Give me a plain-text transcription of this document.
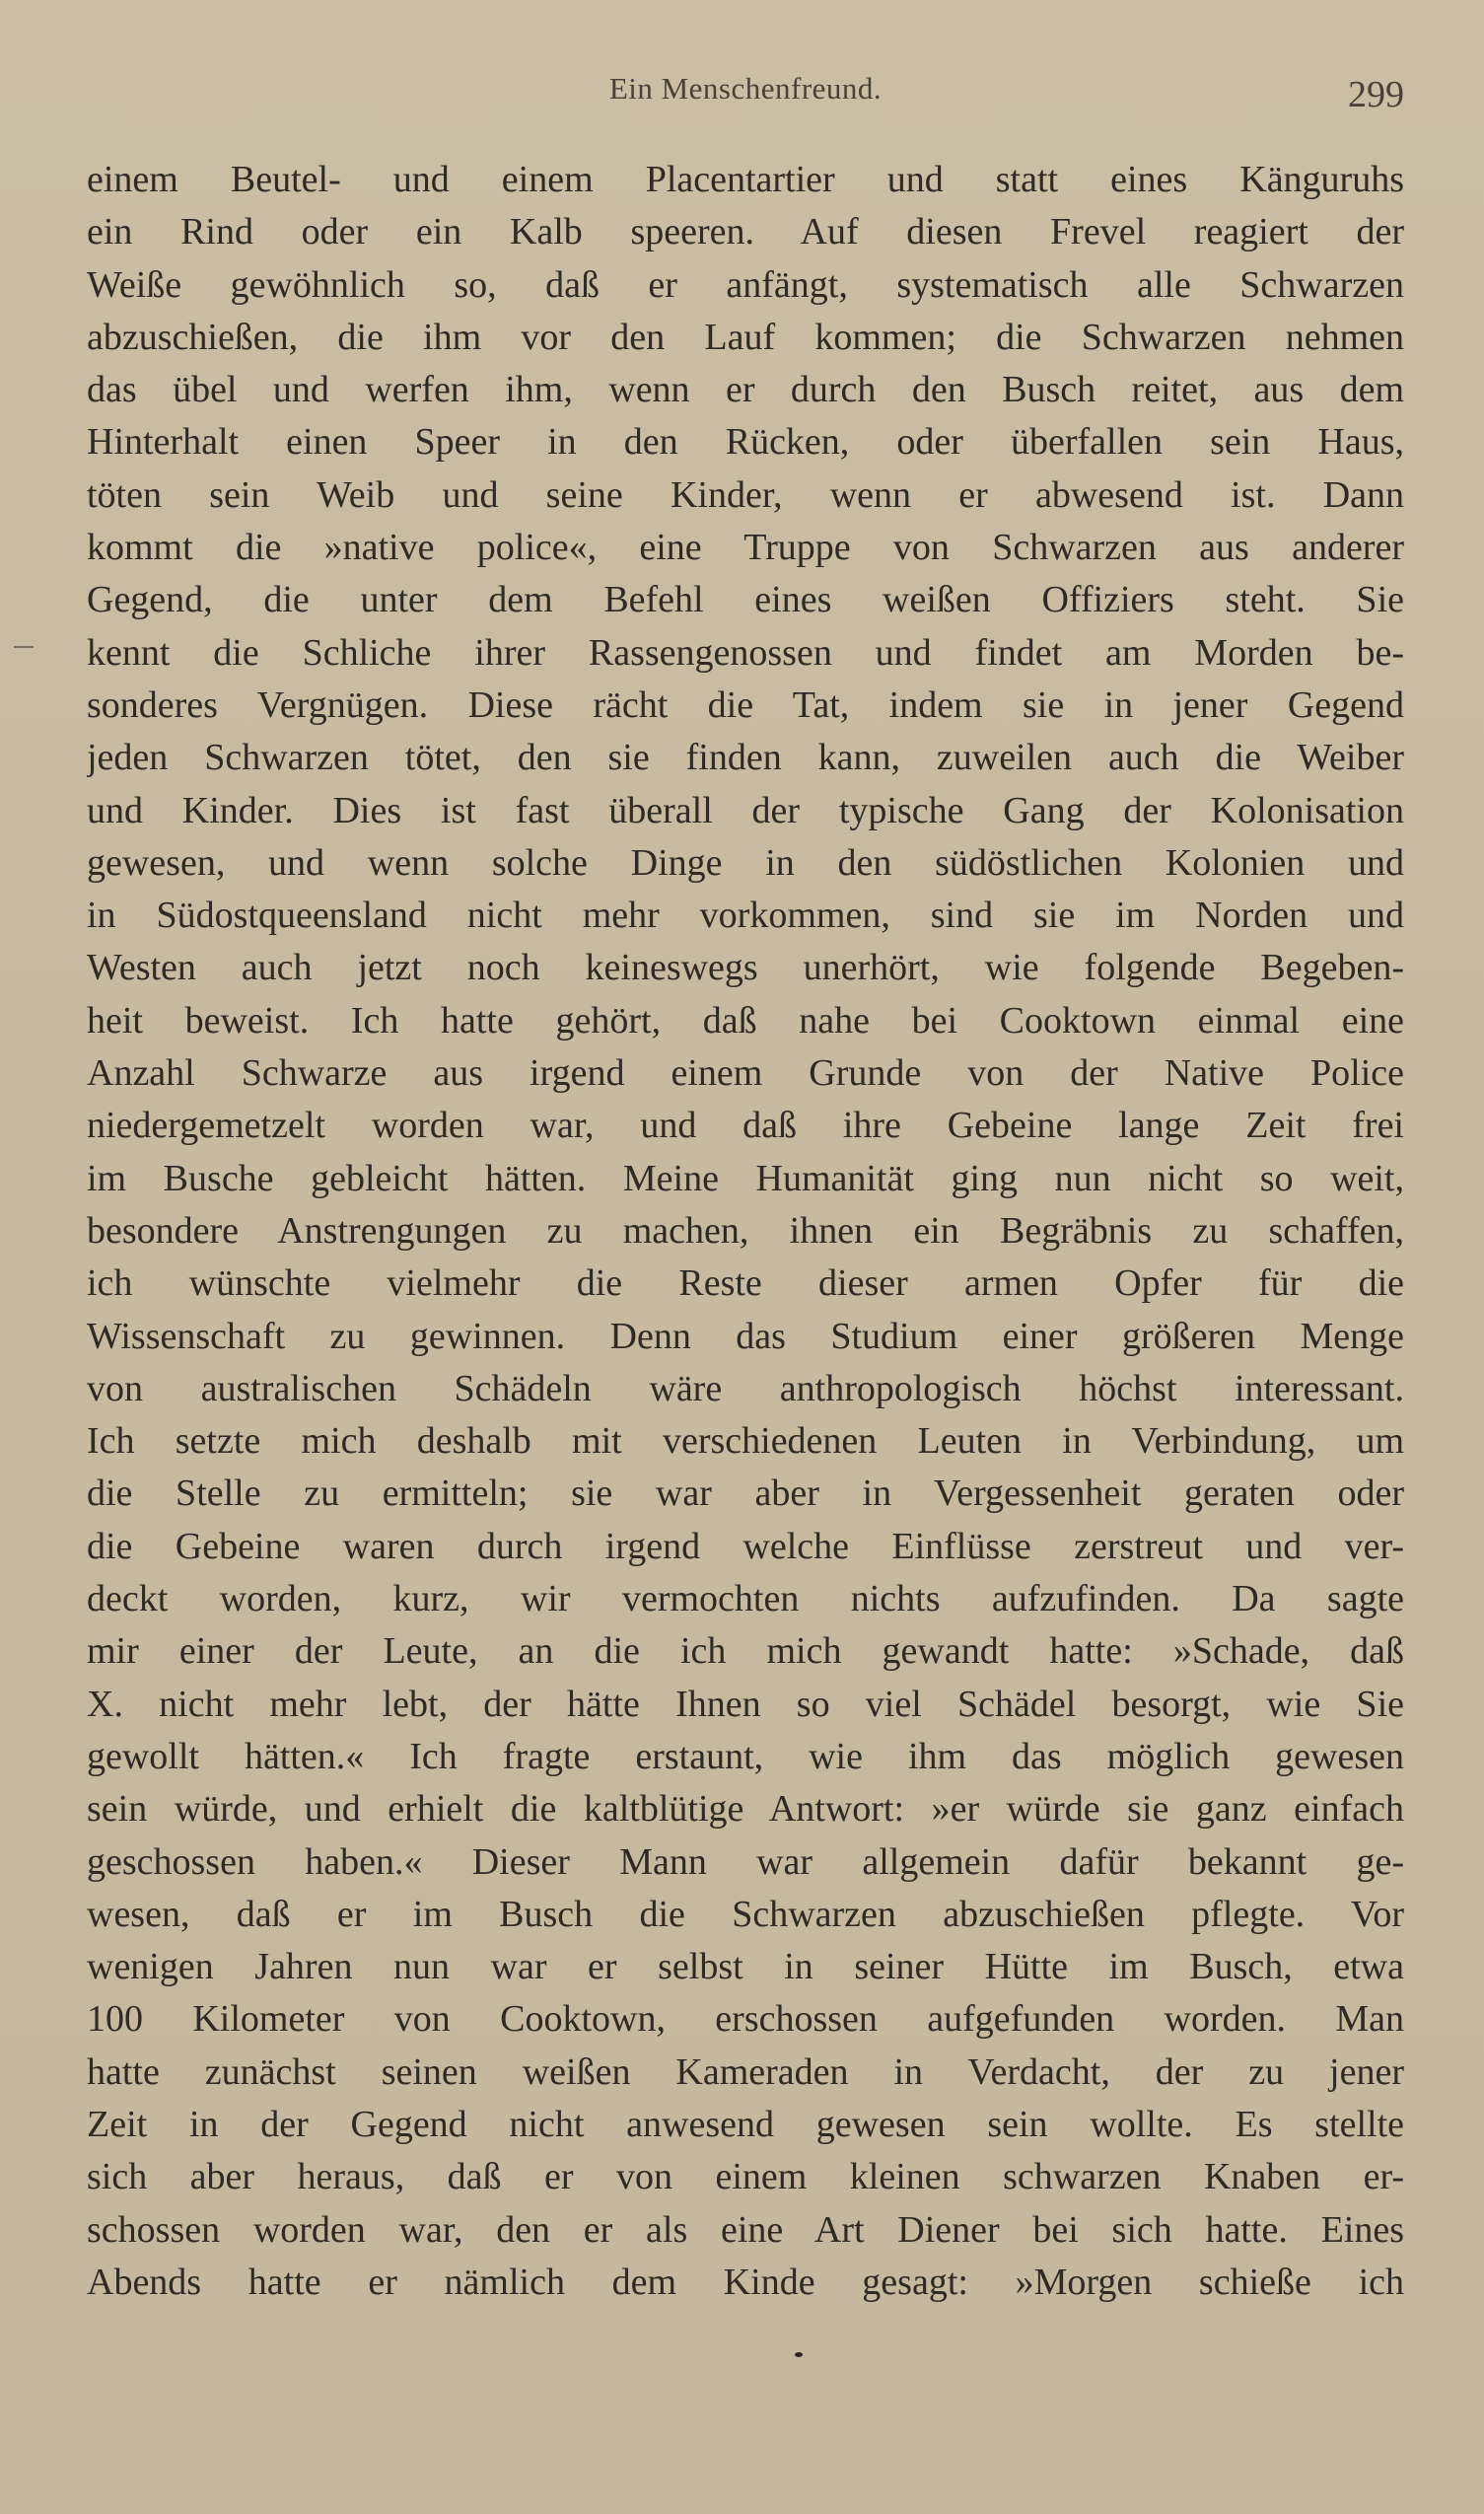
Ein Menschenfreund.	299
einem Beutel- und einem Placentartier und statt eines Känguruhs
ein Rind oder ein Kalb speeren. Auf diesen Frevel reagiert der
Weiße gewöhnlich so, daß er anfängt, systematisch alle Schwarzen
abzuschießen, die ihm vor den Lauf kommen; die Schwarzen nehmen
das übel und werfen ihm, wenn er durch den Busch reitet, aus dem
Hinterhalt einen Speer in den Rücken, oder überfallen sein Haus,
töten sein Weib und seine Kinder, wenn er abwesend ist. Dann
kommt die »native police«, eine Truppe von Schwarzen aus anderer
Gegend, die unter dem Befehl eines weißen Offiziers steht. Sie
kennt die Schliche ihrer Rassengenossen und findet am Morden be-
sonderes Vergnügen. Diese rächt die Tat, indem sie in jener Gegend
jeden Schwarzen tötet, den sie finden kann, zuweilen auch die Weiber
und Kinder. Dies ist fast überall der typische Gang der Kolonisation
gewesen, und wenn solche Dinge in den südöstlichen Kolonien und
in Südostqueensland nicht mehr vorkommen, sind sie im Norden und
Westen auch jetzt noch keineswegs unerhört, wie folgende Begeben-
heit beweist. Ich hatte gehört, daß nahe bei Cooktown einmal eine
Anzahl Schwarze aus irgend einem Grunde von der Native Police
niedergemetzelt worden war, und daß ihre Gebeine lange Zeit frei
im Busche gebleicht hätten. Meine Humanität ging nun nicht so weit,
besondere Anstrengungen zu machen, ihnen ein Begräbnis zu schaffen,
ich wünschte vielmehr die Reste dieser armen Opfer für die
Wissenschaft zu gewinnen. Denn das Studium einer größeren Menge
von australischen Schädeln wäre anthropologisch höchst interessant.
Ich setzte mich deshalb mit verschiedenen Leuten in Verbindung, um
die Stelle zu ermitteln; sie war aber in Vergessenheit geraten oder
die Gebeine waren durch irgend welche Einflüsse zerstreut und ver-
deckt worden, kurz, wir vermochten nichts aufzufinden. Da sagte
mir einer der Leute, an die ich mich gewandt hatte: »Schade, daß
X. nicht mehr lebt, der hätte Ihnen so viel Schädel besorgt, wie Sie
gewollt hätten.« Ich fragte erstaunt, wie ihm das möglich gewesen
sein würde, und erhielt die kaltblütige Antwort: »er würde sie ganz einfach
geschossen haben.« Dieser Mann war allgemein dafür bekannt ge-
wesen, daß er im Busch die Schwarzen abzuschießen pflegte. Vor
wenigen Jahren nun war er selbst in seiner Hütte im Busch, etwa
100 Kilometer von Cooktown, erschossen aufgefunden worden. Man
hatte zunächst seinen weißen Kameraden in Verdacht, der zu jener
Zeit in der Gegend nicht anwesend gewesen sein wollte. Es stellte
sich aber heraus, daß er von einem kleinen schwarzen Knaben er-
schossen worden war, den er als eine Art Diener bei sich hatte. Eines
Abends hatte er nämlich dem Kinde gesagt: »Morgen schieße ich
